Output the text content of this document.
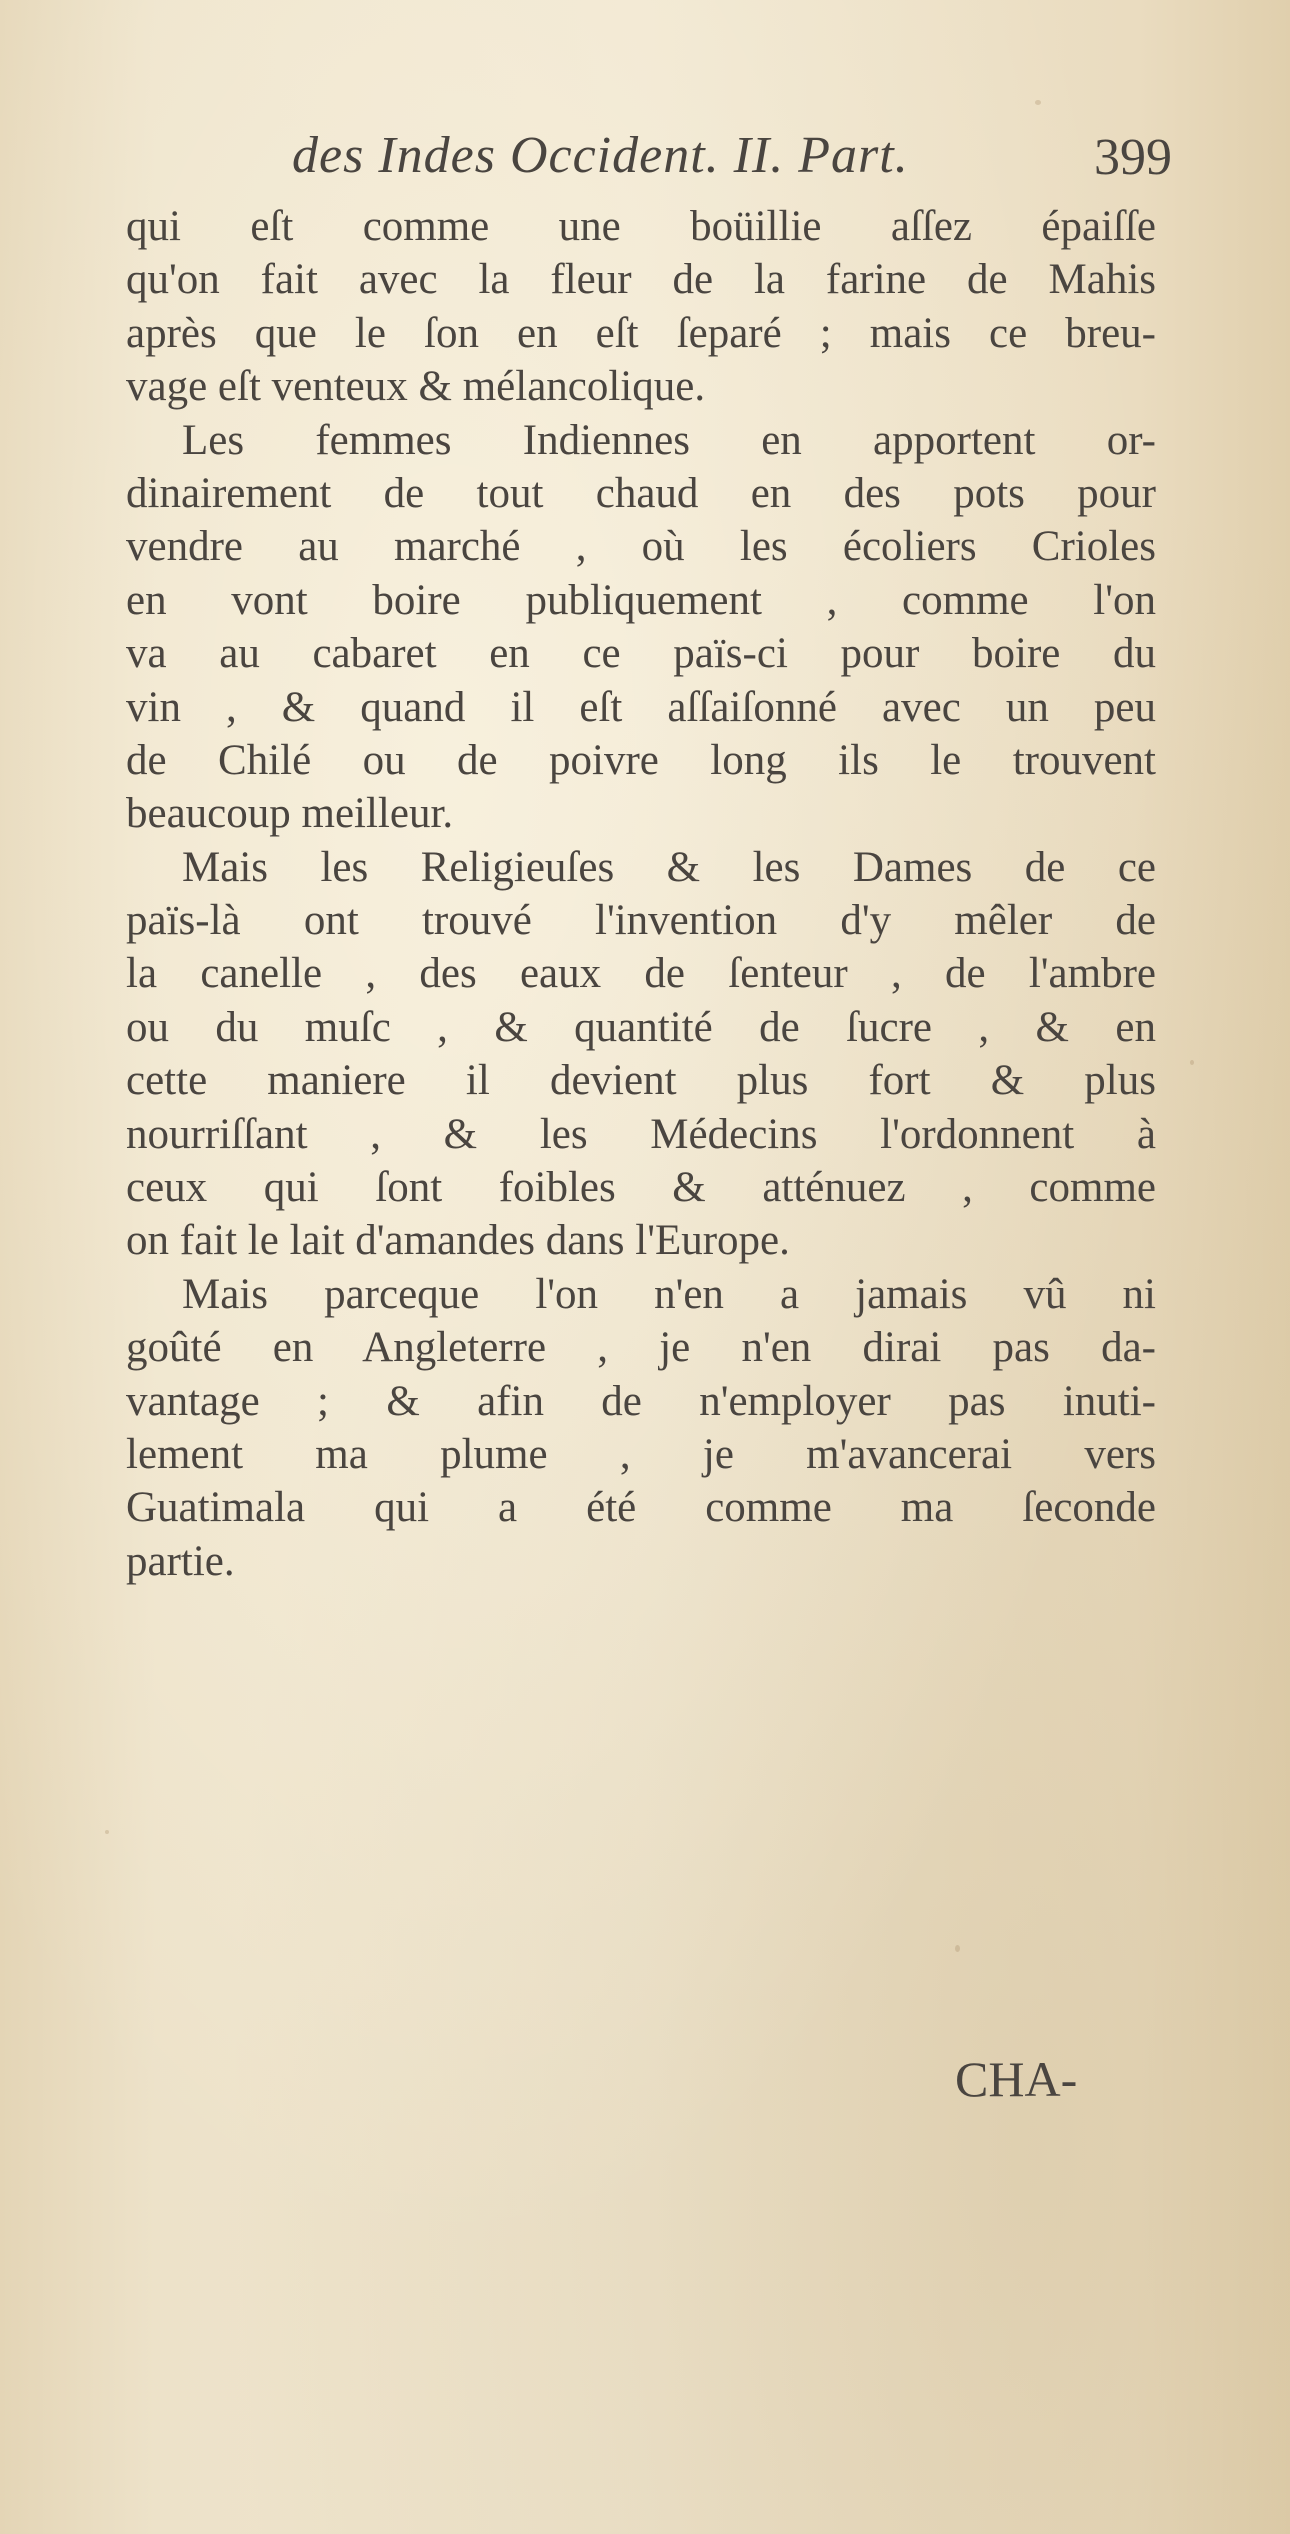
des Indes Occident. II. Part.	399
qui eſt comme une boüillie aſſez épaiſſe
qu'on fait avec la fleur de la farine de Mahis
après que le ſon en eſt ſeparé ; mais ce breu-
vage eſt venteux & mélancolique.
Les femmes Indiennes en apportent or-
dinairement de tout chaud en des pots pour
vendre au marché , où les écoliers Crioles
en vont boire publiquement , comme l'on
va au cabaret en ce païs-ci pour boire du
vin , & quand il eſt aſſaiſonné avec un peu
de Chilé ou de poivre long ils le trouvent
beaucoup meilleur.
Mais les Religieuſes & les Dames de ce
païs-là ont trouvé l'invention d'y mêler de
la canelle , des eaux de ſenteur , de l'ambre
ou du muſc , & quantité de ſucre , & en
cette maniere il devient plus fort & plus
nourriſſant , & les Médecins l'ordonnent à
ceux qui ſont foibles & atténuez , comme
on fait le lait d'amandes dans l'Europe.
Mais parceque l'on n'en a jamais vû ni
goûté en Angleterre , je n'en dirai pas da-
vantage ; & afin de n'employer pas inuti-
lement ma plume , je m'avancerai vers
Guatimala qui a été comme ma ſeconde
partie.
CHA-
